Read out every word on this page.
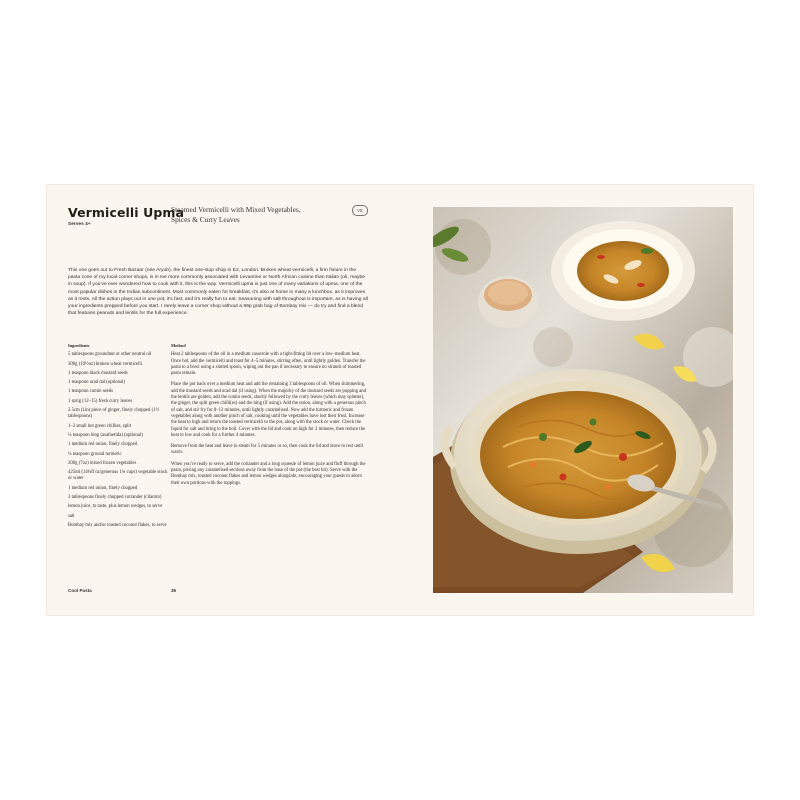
Vermicelli Upma
Serves 4+
Steamed Vermicelli with Mixed Vegetables, Spices & Curry Leaves
VE
This one goes out to Fresh Bazaar (née Aryub), the finest one-stop shop in E2, London. Broken wheat vermicelli, a firm fixture in the pasta zone of my local corner shops, is in me more commonly associated with Levantine or North African cuisine than Italian (ok, maybe in soup). If you’ve ever wondered how to cook with it, this is the way. Vermicelli upma is just one of many variations of upma, one of the most popular dishes in the Indian subcontinent. Most commonly eaten for breakfast, it’s also at home in many a lunchbox, as it improves as it rests. All the action plays out in one pot, it’s fast, and it’s really fun to eat. Seasoning with salt throughout is important, as is having all your ingredients prepped before you start. I rarely leave a corner shop without a 99p grab bag of Bombay mix — do try and find a blend that features peanuts and lentils for the full experience.
Ingredients
5 tablespoons groundnut or other neutral oil
300g (10½oz) broken wheat vermicelli
1 teaspoon black mustard seeds
1 teaspoon urad dal (optional)
1 teaspoon cumin seeds
1 sprig (12–15) fresh curry leaves
2.5cm (1in) piece of ginger, finely chopped (1½ tablespoons)
1–2 small hot green chillies, split
¼ teaspoon hing (asafoetida) (optional)
1 medium red onion, finely chopped
¼ teaspoon ground turmeric
200g (7oz) mixed frozen vegetables
425ml (14¾fl oz/generous 1¾ cups) vegetable stock or water
1 medium red onion, finely chopped
3 tablespoons finely chopped coriander (cilantro)
lemon juice, to taste, plus lemon wedges, to serve
salt
Bombay mix and/or toasted coconut flakes, to serve
Method

Heat 2 tablespoons of the oil in a medium casserole with a tight-fitting lid over a low–medium heat. Once hot, add the vermicelli and toast for 4–5 minutes, stirring often, until lightly golden. Transfer the pasta to a bowl using a slotted spoon, wiping out the pan if necessary to ensure no strands of toasted pasta remain.

Place the pot back over a medium heat and add the remaining 3 tablespoons of oil. When shimmering, add the mustard seeds and urad dal (if using). When the majority of the mustard seeds are popping and the lentils are golden, add the cumin seeds, shortly followed by the curry leaves (which may splutter), the ginger, the split green chilli(es) and the hing (if using). Add the onion, along with a generous pinch of salt, and stir fry for 8–12 minutes, until lightly caramelised. Now add the turmeric and frozen vegetables along with another pinch of salt, cooking until the vegetables have lost their frost. Increase the heat to high and return the toasted vermicelli to the pot, along with the stock or water. Check the liquid for salt and bring to the boil. Cover with the lid and cook on high for 2 minutes, then reduce the heat to low and cook for a further 4 minutes.

Remove from the heat and leave to steam for 5 minutes or so, then cook the lid and leave to rest until warm.

When you’re ready to serve, add the coriander and a long squeeze of lemon juice and fluff through the pasta, prising any caramelised sections away from the base of the pot (the best bit). Serve with the Bombay mix, toasted coconut flakes and lemon wedges alongside, encouraging your guests to adorn their own portions with the toppings.

Cool Pasta	36
